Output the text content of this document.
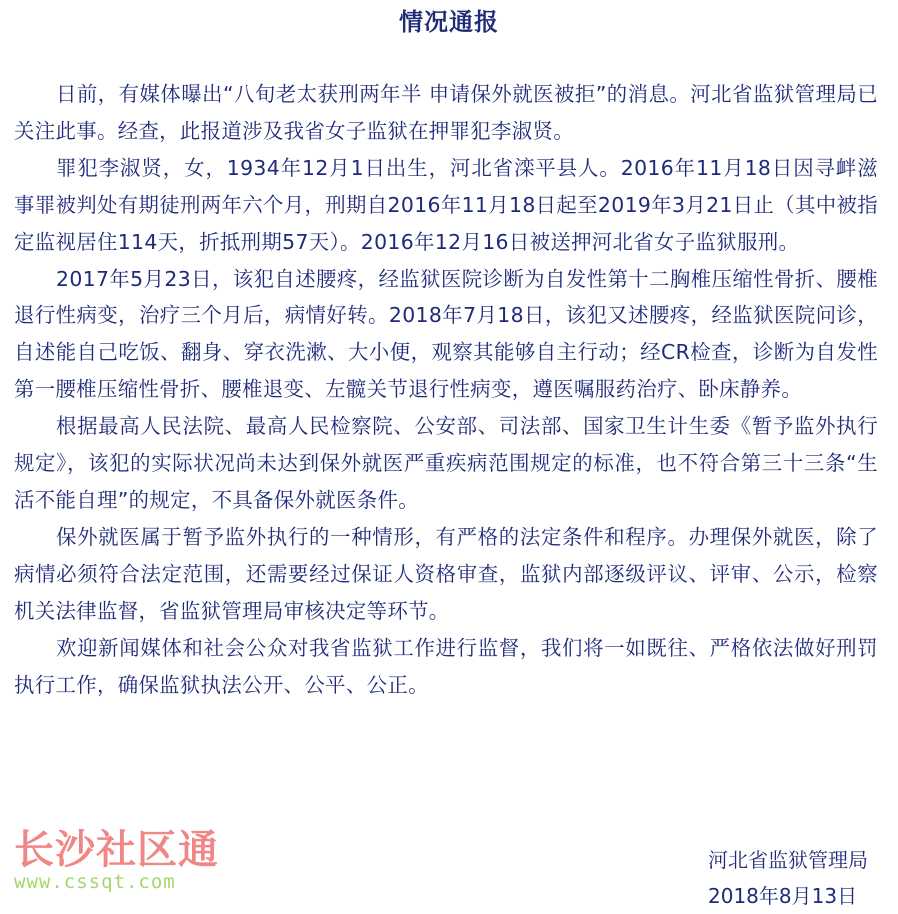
情况通报

日前，有媒体曝出“八旬老太获刑两年半 申请保外就医被拒”的消息。河北省监狱管理局已关注此事。经查，此报道涉及我省女子监狱在押罪犯李淑贤。

罪犯李淑贤，女，1934年12月1日出生，河北省滦平县人。2016年11月18日因寻衅滋事罪被判处有期徒刑两年六个月，刑期自2016年11月18日起至2019年3月21日止（其中被指定监视居住114天，折抵刑期57天）。2016年12月16日被送押河北省女子监狱服刑。

2017年5月23日，该犯自述腰疼，经监狱医院诊断为自发性第十二胸椎压缩性骨折、腰椎退行性病变，治疗三个月后，病情好转。2018年7月18日，该犯又述腰疼，经监狱医院问诊，自述能自己吃饭、翻身、穿衣洗漱、大小便，观察其能够自主行动；经CR检查，诊断为自发性第一腰椎压缩性骨折、腰椎退变、左髋关节退行性病变，遵医嘱服药治疗、卧床静养。

根据最高人民法院、最高人民检察院、公安部、司法部、国家卫生计生委《暂予监外执行规定》，该犯的实际状况尚未达到保外就医严重疾病范围规定的标准，也不符合第三十三条“生活不能自理”的规定，不具备保外就医条件。

保外就医属于暂予监外执行的一种情形，有严格的法定条件和程序。办理保外就医，除了病情必须符合法定范围，还需要经过保证人资格审查，监狱内部逐级评议、评审、公示，检察机关法律监督，省监狱管理局审核决定等环节。

欢迎新闻媒体和社会公众对我省监狱工作进行监督，我们将一如既往、严格依法做好刑罚执行工作，确保监狱执法公开、公平、公正。

长沙社区通
www.cssqt.com
河北省监狱管理局
2018年8月13日
